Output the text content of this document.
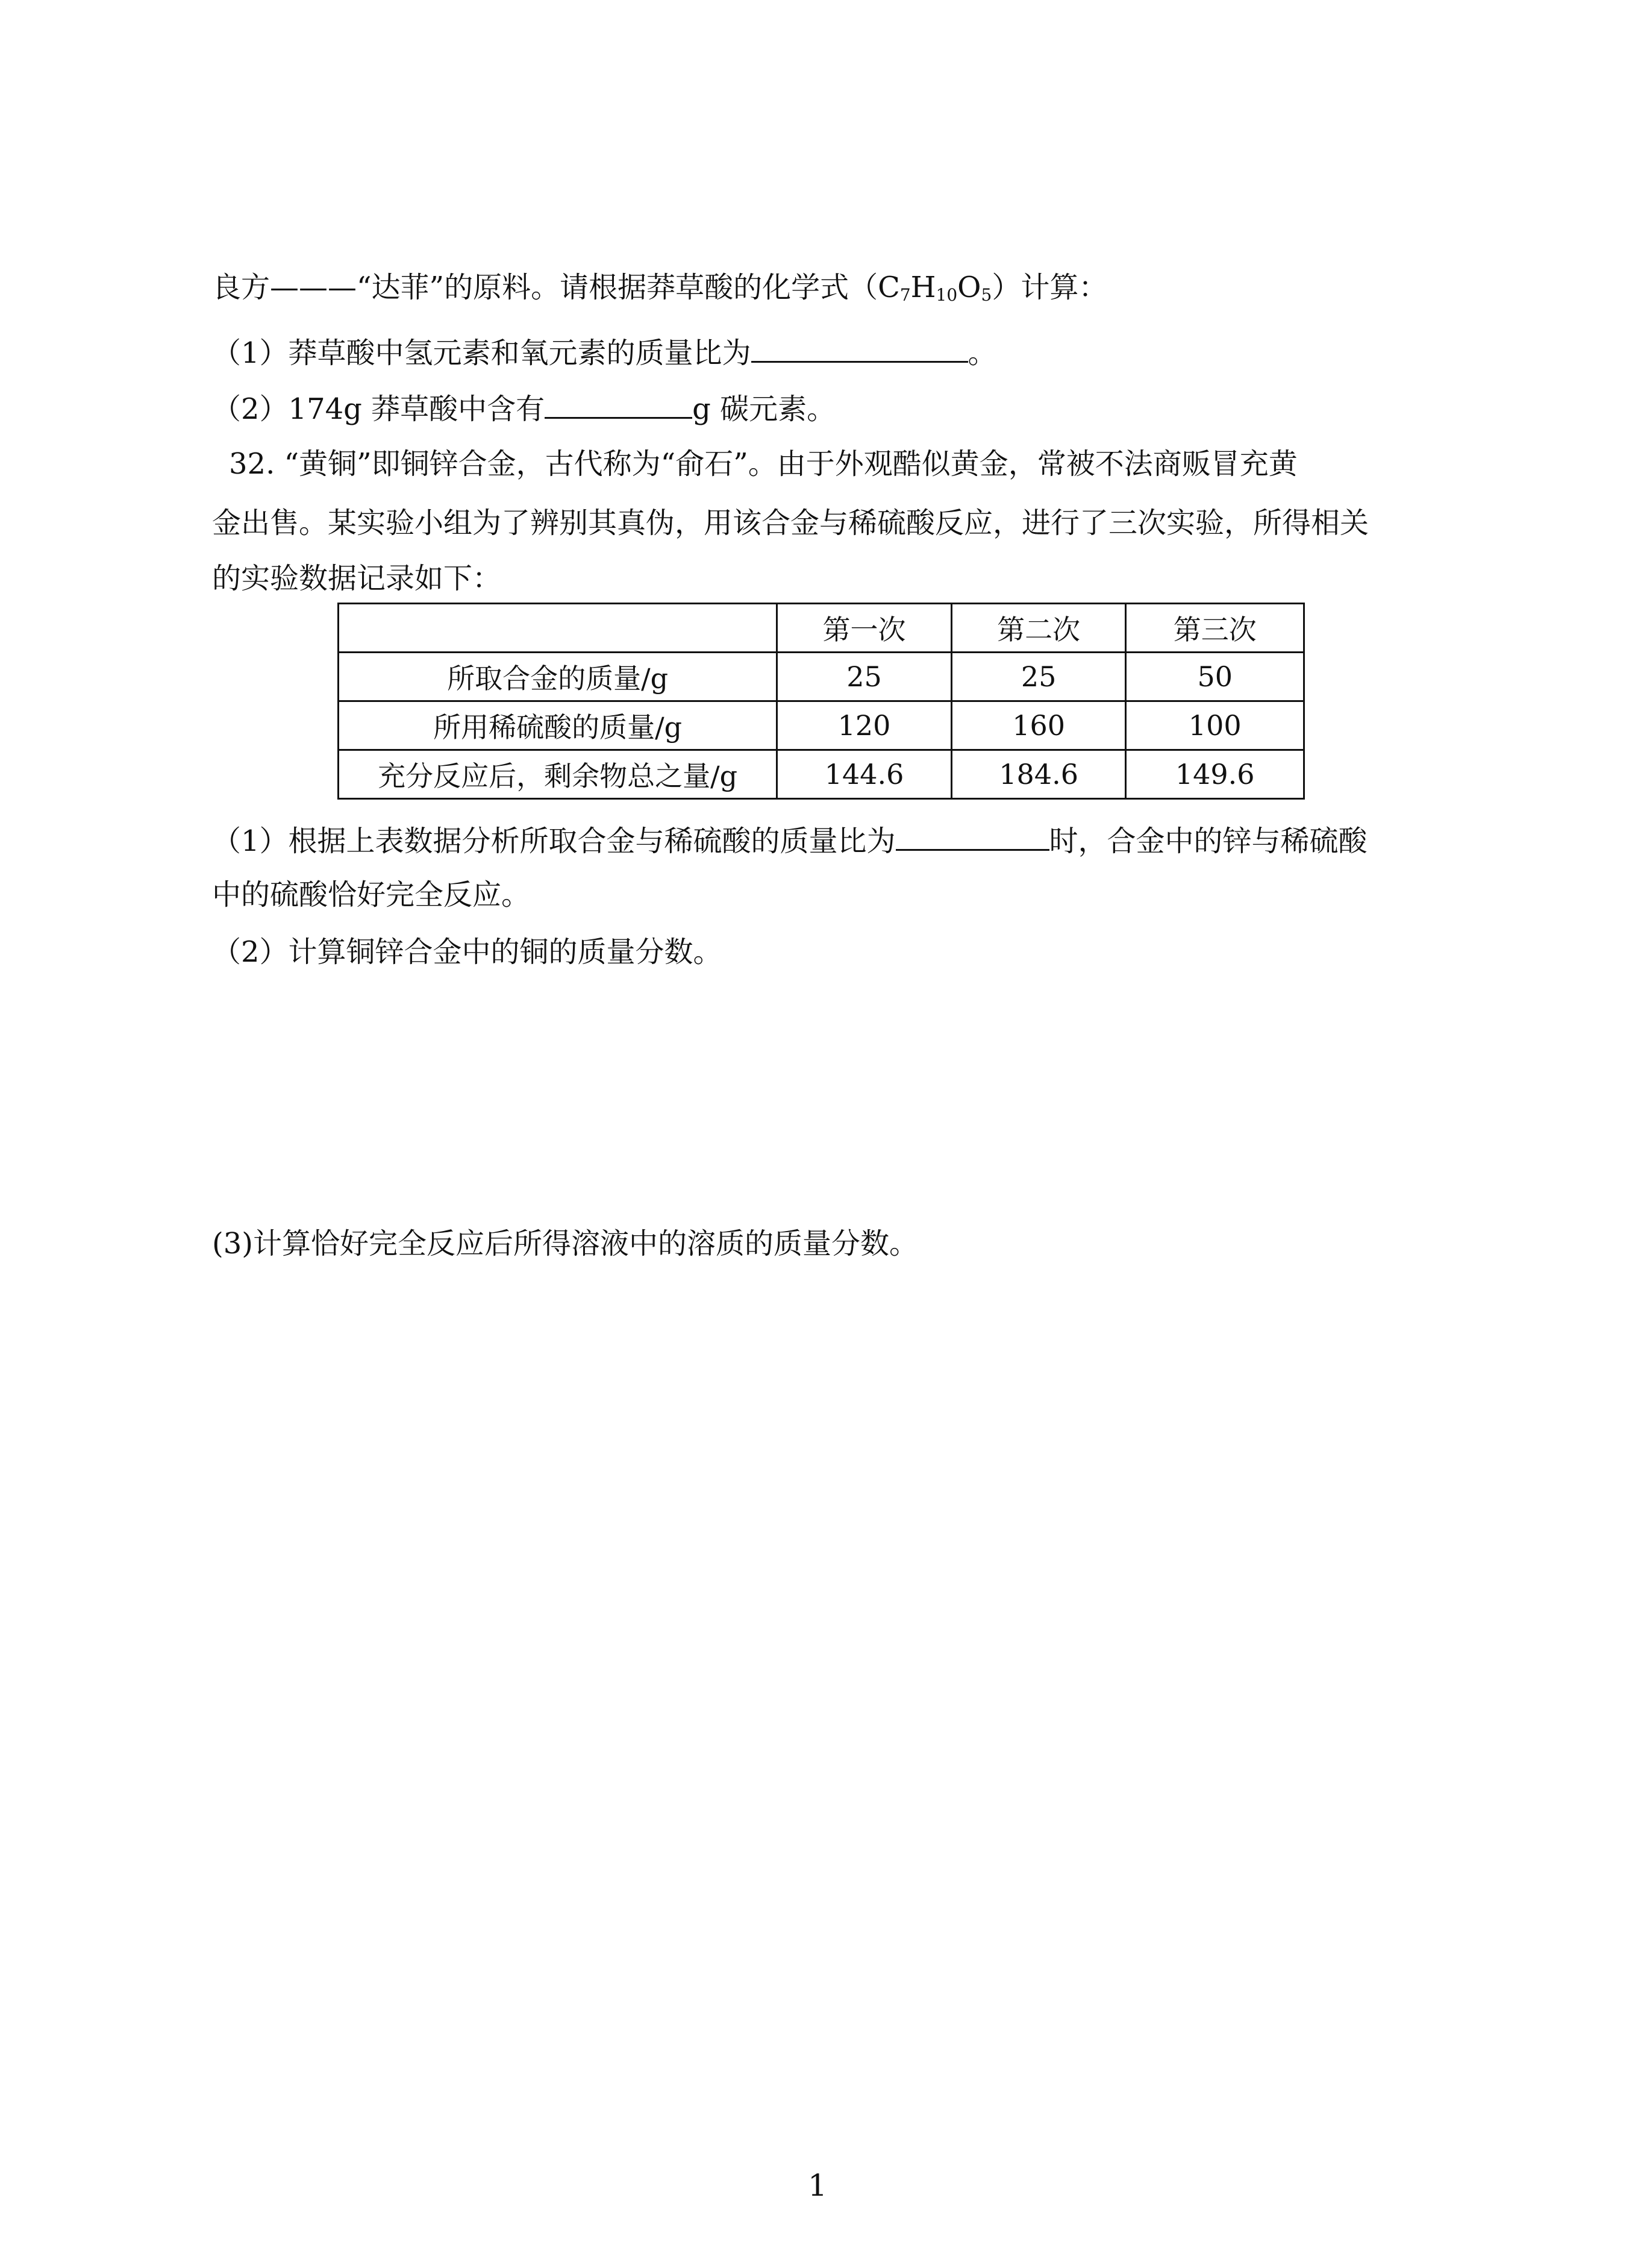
良方———“达菲”的原料。请根据莽草酸的化学式$(C_7H_{10}O_5)$计算：
（1）莽草酸中氢元素和氧元素的质量比为	。
（2）174g 莽草酸中含有	g 碳元素。
32. “黄铜”即铜锌合金，古代称为“俞石”。由于外观酷似黄金，常被不法商贩冒充黄
金出售。某实验小组为了辨别其真伪，用该合金与稀硫酸反应，进行了三次实验，所得相关
的实验数据记录如下：
	第一次	第二次	第三次
所取合金的质量/g	25	25	50
所用稀硫酸的质量/g	120	160	100
充分反应后，剩余物总之量/g	144.6	184.6	149.6
（1）根据上表数据分析所取合金与稀硫酸的质量比为	时，合金中的锌与稀硫酸
中的硫酸恰好完全反应。
（2）计算铜锌合金中的铜的质量分数。
(3)计算恰好完全反应后所得溶液中的溶质的质量分数。
1
